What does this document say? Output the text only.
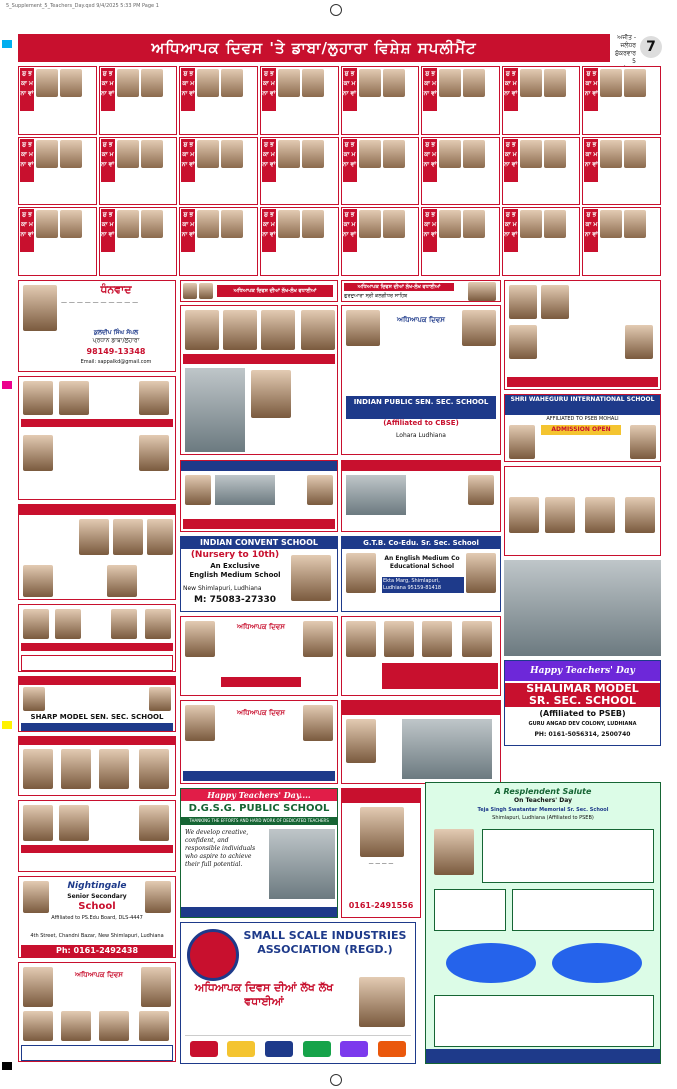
5_Supplement_5_Teachers_Day.qxd 9/4/2025 5:33 PM Page 1
ਅਧਿਆਪਕ ਦਿਵਸ 'ਤੇ ਡਾਬਾ/ਲੁਹਾਰਾ ਵਿਸ਼ੇਸ਼ ਸਪਲੀਮੈਂਟ
ਅਜੀਤ - ਜਲੰਧਰ
ਸ਼ੁੱਕਰਵਾਰ
5
7
ਸ਼ੁ ਭ ਕਾ ਮ ਨਾ ਵਾਂ
ਸ਼ੁ ਭ ਕਾ ਮ ਨਾ ਵਾਂ
ਸ਼ੁ ਭ ਕਾ ਮ ਨਾ ਵਾਂ
ਸ਼ੁ ਭ ਕਾ ਮ ਨਾ ਵਾਂ
ਸ਼ੁ ਭ ਕਾ ਮ ਨਾ ਵਾਂ
ਸ਼ੁ ਭ ਕਾ ਮ ਨਾ ਵਾਂ
ਸ਼ੁ ਭ ਕਾ ਮ ਨਾ ਵਾਂ
ਸ਼ੁ ਭ ਕਾ ਮ ਨਾ ਵਾਂ
ਸ਼ੁ ਭ ਕਾ ਮ ਨਾ ਵਾਂ
ਸ਼ੁ ਭ ਕਾ ਮ ਨਾ ਵਾਂ
ਸ਼ੁ ਭ ਕਾ ਮ ਨਾ ਵਾਂ
ਸ਼ੁ ਭ ਕਾ ਮ ਨਾ ਵਾਂ
ਸ਼ੁ ਭ ਕਾ ਮ ਨਾ ਵਾਂ
ਸ਼ੁ ਭ ਕਾ ਮ ਨਾ ਵਾਂ
ਸ਼ੁ ਭ ਕਾ ਮ ਨਾ ਵਾਂ
ਸ਼ੁ ਭ ਕਾ ਮ ਨਾ ਵਾਂ
ਸ਼ੁ ਭ ਕਾ ਮ ਨਾ ਵਾਂ
ਸ਼ੁ ਭ ਕਾ ਮ ਨਾ ਵਾਂ
ਸ਼ੁ ਭ ਕਾ ਮ ਨਾ ਵਾਂ
ਸ਼ੁ ਭ ਕਾ ਮ ਨਾ ਵਾਂ
ਸ਼ੁ ਭ ਕਾ ਮ ਨਾ ਵਾਂ
ਸ਼ੁ ਭ ਕਾ ਮ ਨਾ ਵਾਂ
ਸ਼ੁ ਭ ਕਾ ਮ ਨਾ ਵਾਂ
ਸ਼ੁ ਭ ਕਾ ਮ ਨਾ ਵਾਂ
ਧੰਨਵਾਦ
— — — — — — — — — —
ਕੁਲਦੀਪ ਸਿੰਘ ਸੱਪਲ
ਪ੍ਰਧਾਨ ਡਾਬਾ/ਲੁਹਾਰਾ
98149-13348
Email: sappalkd@gmail.com
ਅਧਿਆਪਕ ਦਿਵਸ ਦੀਆਂ ਲੱਖ-ਲੱਖ ਵਧਾਈਆਂ
ਅਧਿਆਪਕ ਦਿਵਸ ਦੀਆਂ ਲੱਖ-ਲੱਖ ਵਧਾਈਆਂ
ਗੁਰਦੁਆਰਾ ਸ੍ਰੀ ਕਲਗੀਧਰ ਸਾਹਿਬ
ਅਧਿਆਪਕ ਦਿਵਸ
INDIAN PUBLIC SEN. SEC. SCHOOL
(Affiliated to CBSE)
Lohara Ludhiana
SHRI WAHEGURU INTERNATIONAL SCHOOL
AFFILIATED TO PSEB MOHALI
ADMISSION OPEN
INDIAN CONVENT SCHOOL
(Nursery to 10th)
An Exclusive
English Medium School
New Shimlapuri, Ludhiana
M: 75083-27330
G.T.B. Co-Edu. Sr. Sec. School
An English Medium Co
Educational School
Ekta Marg, Shimlapuri, Ludhiana 95159-81418
ਅਧਿਆਪਕ ਦਿਵਸ
Happy Teachers' Day
SHALIMAR MODEL
SR. SEC. SCHOOL
(Affiliated to PSEB)
GURU ANGAD DEV COLONY, LUDHIANA
PH: 0161-5056314, 2500740
SHARP MODEL SEN. SEC. SCHOOL	ਅਧਿਆਪਕ ਦਿਵਸ
Nightingale
Senior Secondary
School
Affiliated to PS.Edu Board, DLS-4447
4th Street, Chandni Bazar, New Shimlapuri, Ludhiana
Ph: 0161-2492438
ਅਧਿਆਪਕ ਦਿਵਸ
Happy Teachers' Day....
D.G.S.G. PUBLIC SCHOOL
THANKING THE EFFORTS AND HARD WORK OF DEDICATED TEACHERS
We develop creative, confident, and responsible individuals who aspire to achieve their full potential.	— — — —
0161-2491556
A Resplendent Salute
On Teachers' Day
Teja Singh Swatantar Memorial Sr. Sec. School
Shimlapuri, Ludhiana (Affiliated to PSEB)
SMALL SCALE INDUSTRIES
ASSOCIATION (REGD.)
ਅਧਿਆਪਕ ਦਿਵਸ ਦੀਆਂ ਲੱਖ ਲੱਖ ਵਧਾਈਆਂ
